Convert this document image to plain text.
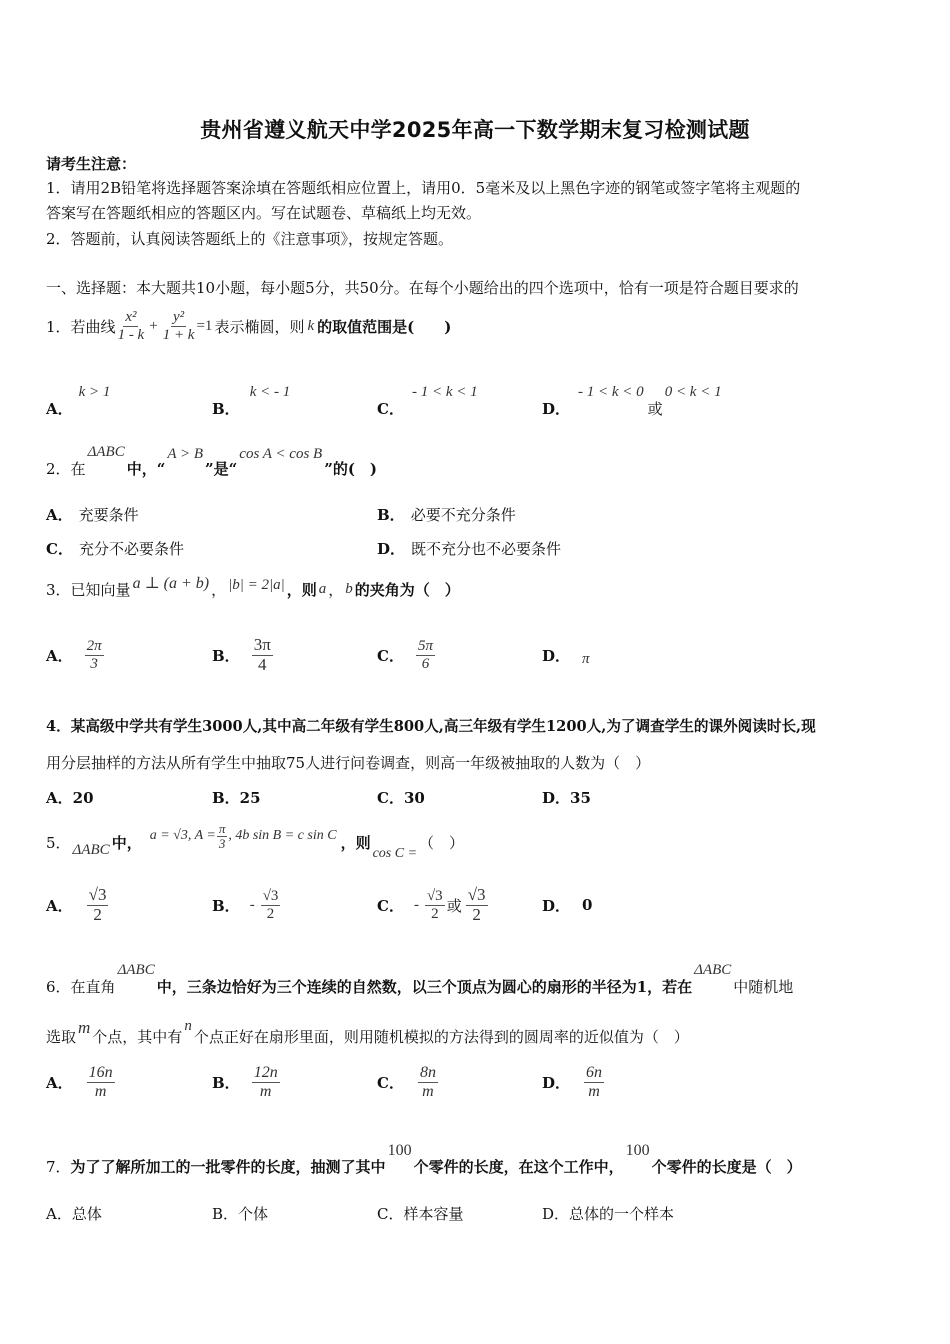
贵州省遵义航天中学2025年高一下数学期末复习检测试题
请考生注意：
1．请用2B铅笔将选择题答案涂填在答题纸相应位置上，请用0．5毫米及以上黑色字迹的钢笔或签字笔将主观题的
答案写在答题纸相应的答题区内。写在试题卷、草稿纸上均无效。
2．答题前，认真阅读答题纸上的《注意事项》，按规定答题。
一、选择题：本大题共10小题，每小题5分，共50分。在每个小题给出的四个选项中，恰有一项是符合题目要求的
1． 若曲线 $\frac{\text{x²}}{1 - k} + \frac{\text{y²}}{1 + k} =1$ 表示椭圆，则 k 的取值范围是(　　)
A．
k > 1
B．
k < - 1
C．
- 1 < k < 1
D．
- 1 < k < 0
或
0 < k < 1
2． 在
ΔABC
中，“
A > B
”是“
cos A < cos B
”的(　)
A． 充要条件	B． 必要不充分条件
C． 充分不必要条件	D． 既不充分也不必要条件
3． 已知向量 a ⊥ (a + b) ， |b| = 2|a| ，则 a ， b 的夹角为（　）
A． $\frac{2\pi}{3}$	B． $\frac{3\pi}{4}$	C． $\frac{5\pi}{6}$	D． π
4．某高级中学共有学生3000人,其中高二年级有学生800人,高三年级有学生1200人,为了调查学生的课外阅读时长,现
用分层抽样的方法从所有学生中抽取75人进行问卷调查，则高一年级被抽取的人数为（　）
A．20	B．25	C．30	D．35
5． ΔABC 中， a = √3, $A = \frac{\pi}{3}$ , 4b sin B = c sin C ，则
cos C =
（　）
A． $\frac{√3}{2}$	B． - $\frac{√3}{2}$	C． - $\frac{√3}{2}$ 或 $\frac{√3}{2}$	D． 0
6． 在直角
ΔABC
中，三条边恰好为三个连续的自然数，以三个顶点为圆心的扇形的半径为1，若在
ΔABC
中随机地
选取 m 个点，其中有
n
个点正好在扇形里面，则用随机模拟的方法得到的圆周率的近似值为（　）
A． $\frac{16n}{m}$	B． $\frac{12n}{m}$	C． $\frac{8n}{m}$	D． $\frac{6n}{m}$
7． 为了了解所加工的一批零件的长度，抽测了其中
100
个零件的长度，在这个工作中，
100
个零件的长度是（　）
A．总体	B．个体	C．样本容量	D．总体的一个样本
